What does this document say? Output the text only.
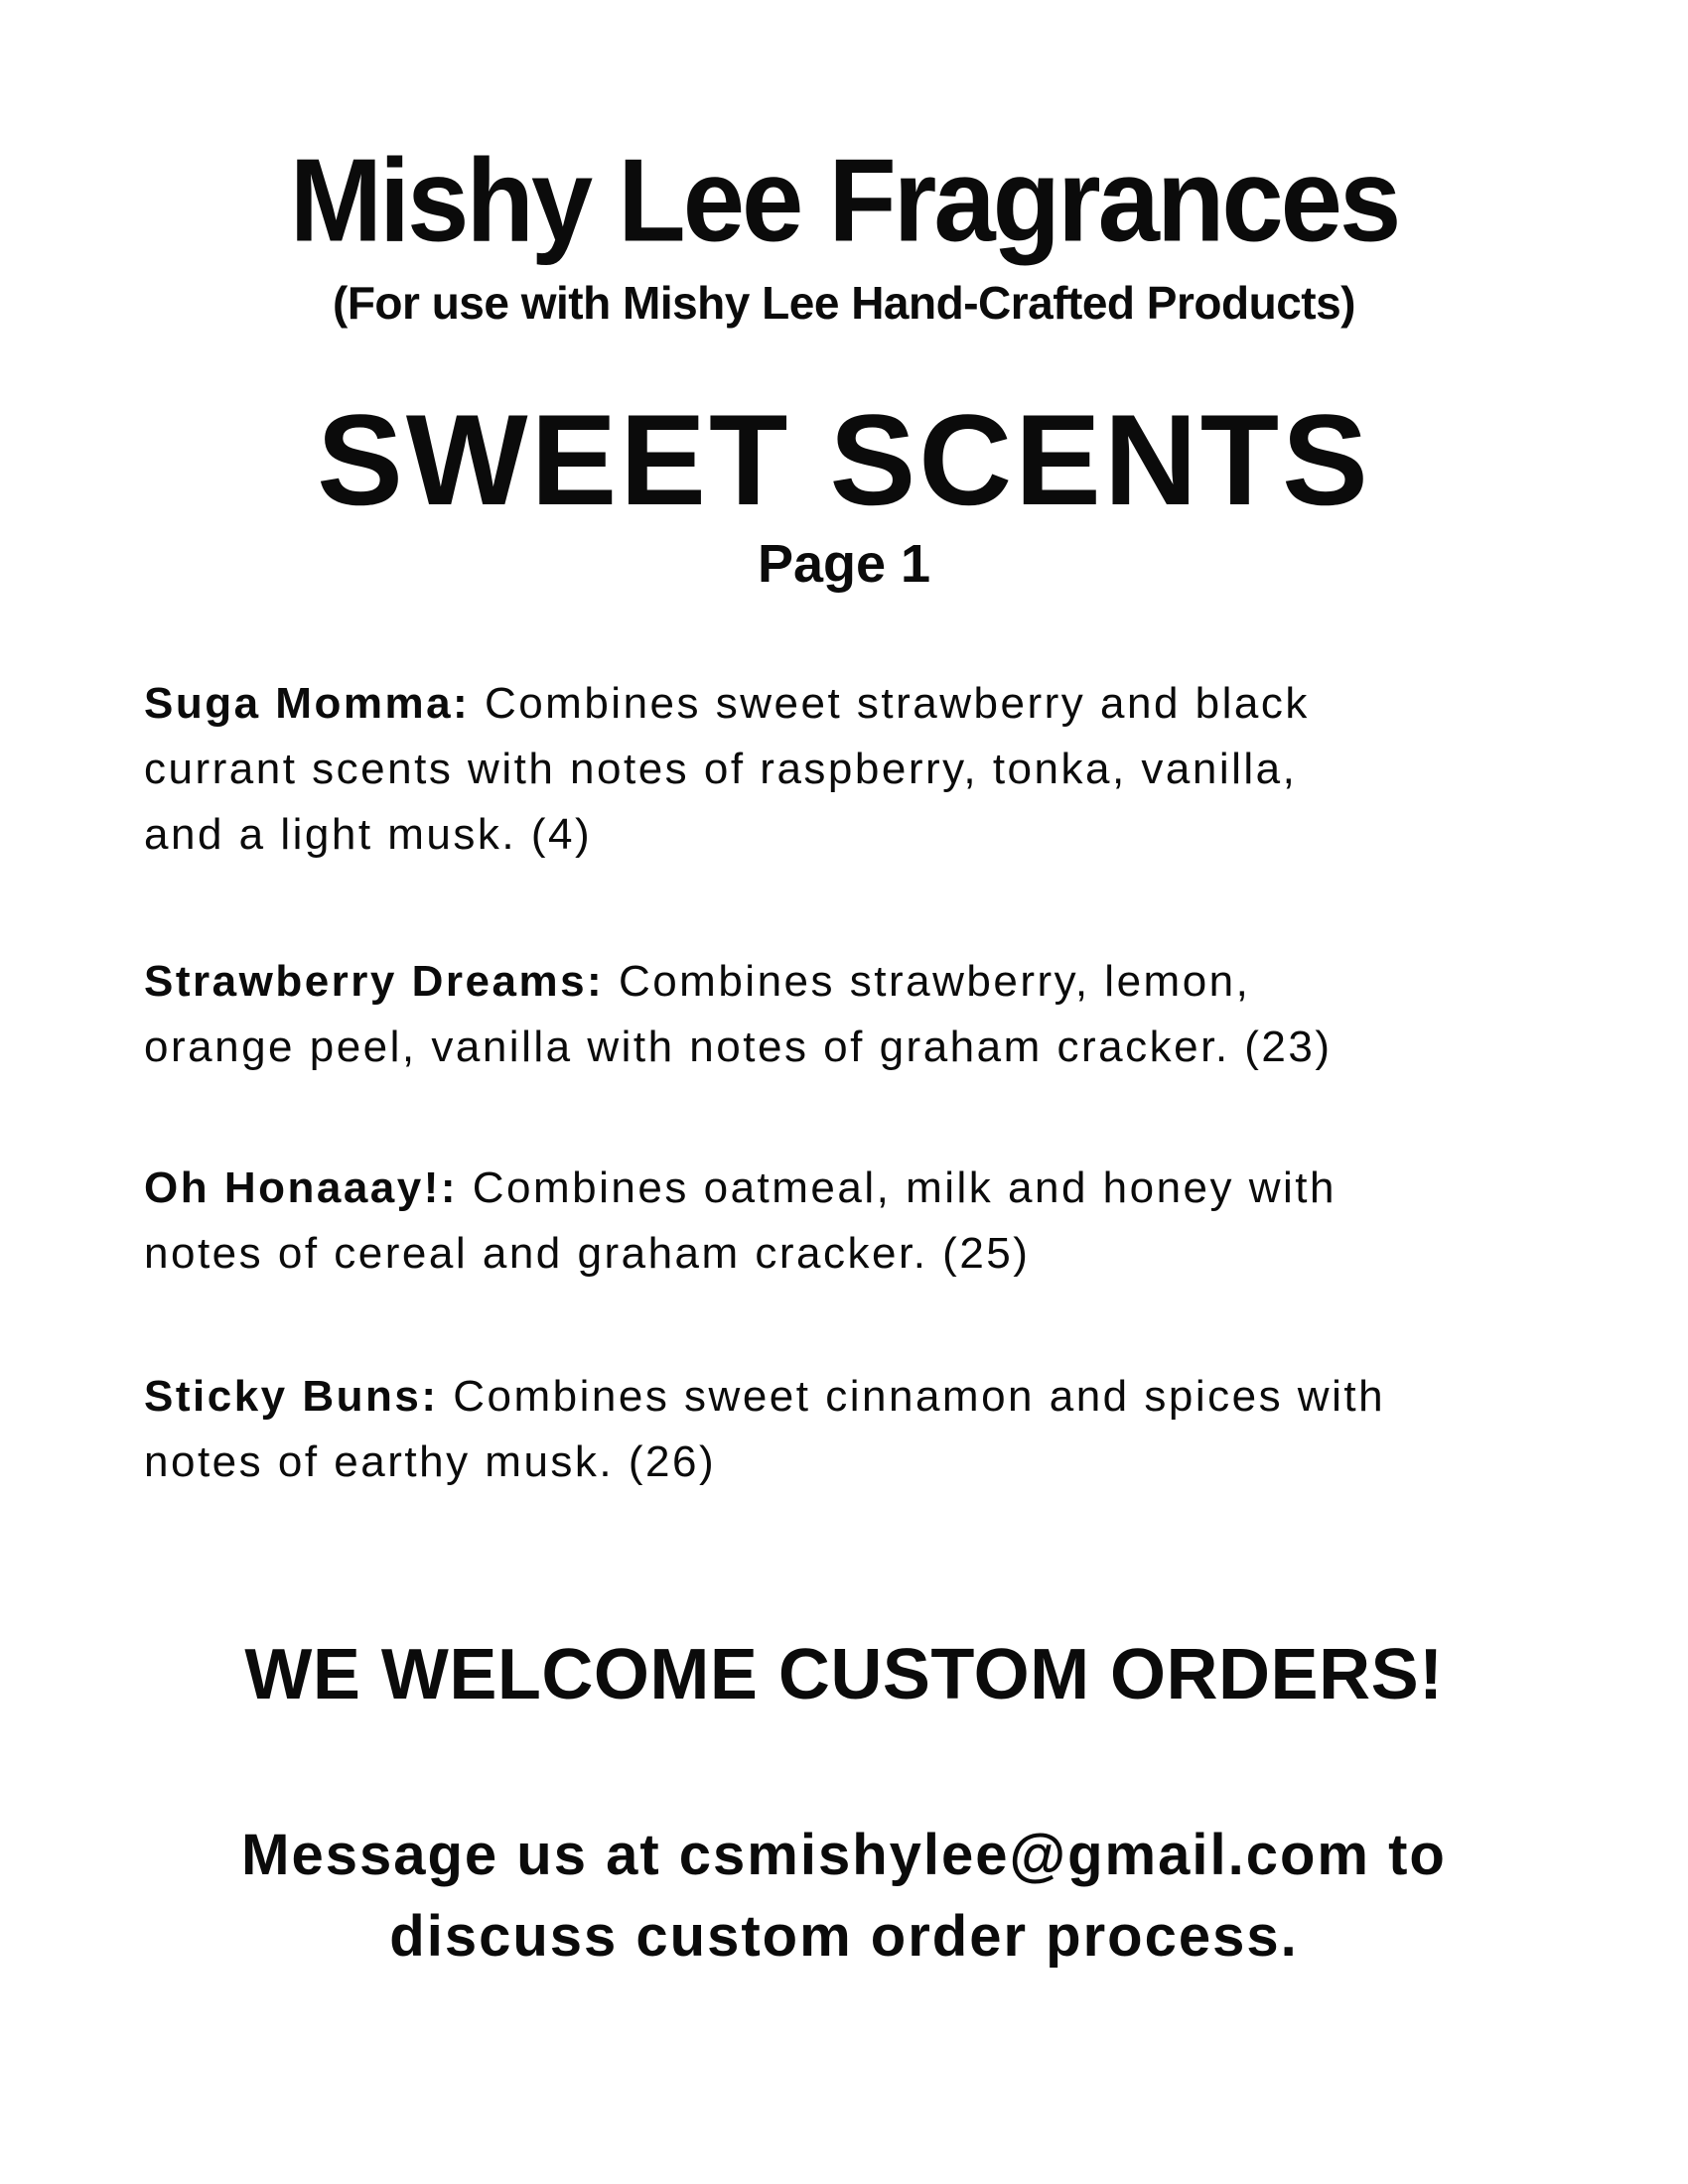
Mishy Lee Fragrances
(For use with Mishy Lee Hand-Crafted Products)
SWEET SCENTS
Page 1

Suga Momma: Combines sweet strawberry and black

currant scents with notes of raspberry, tonka, vanilla,

and a light musk. (4)

Strawberry Dreams: Combines strawberry, lemon,

orange peel, vanilla with notes of graham cracker. (23)

Oh Honaaay!: Combines oatmeal, milk and honey with

notes of cereal and graham cracker. (25)

Sticky Buns: Combines sweet cinnamon and spices with

notes of earthy musk. (26)

WE WELCOME CUSTOM ORDERS!
Message us at csmishylee@gmail.com to
discuss custom order process.
